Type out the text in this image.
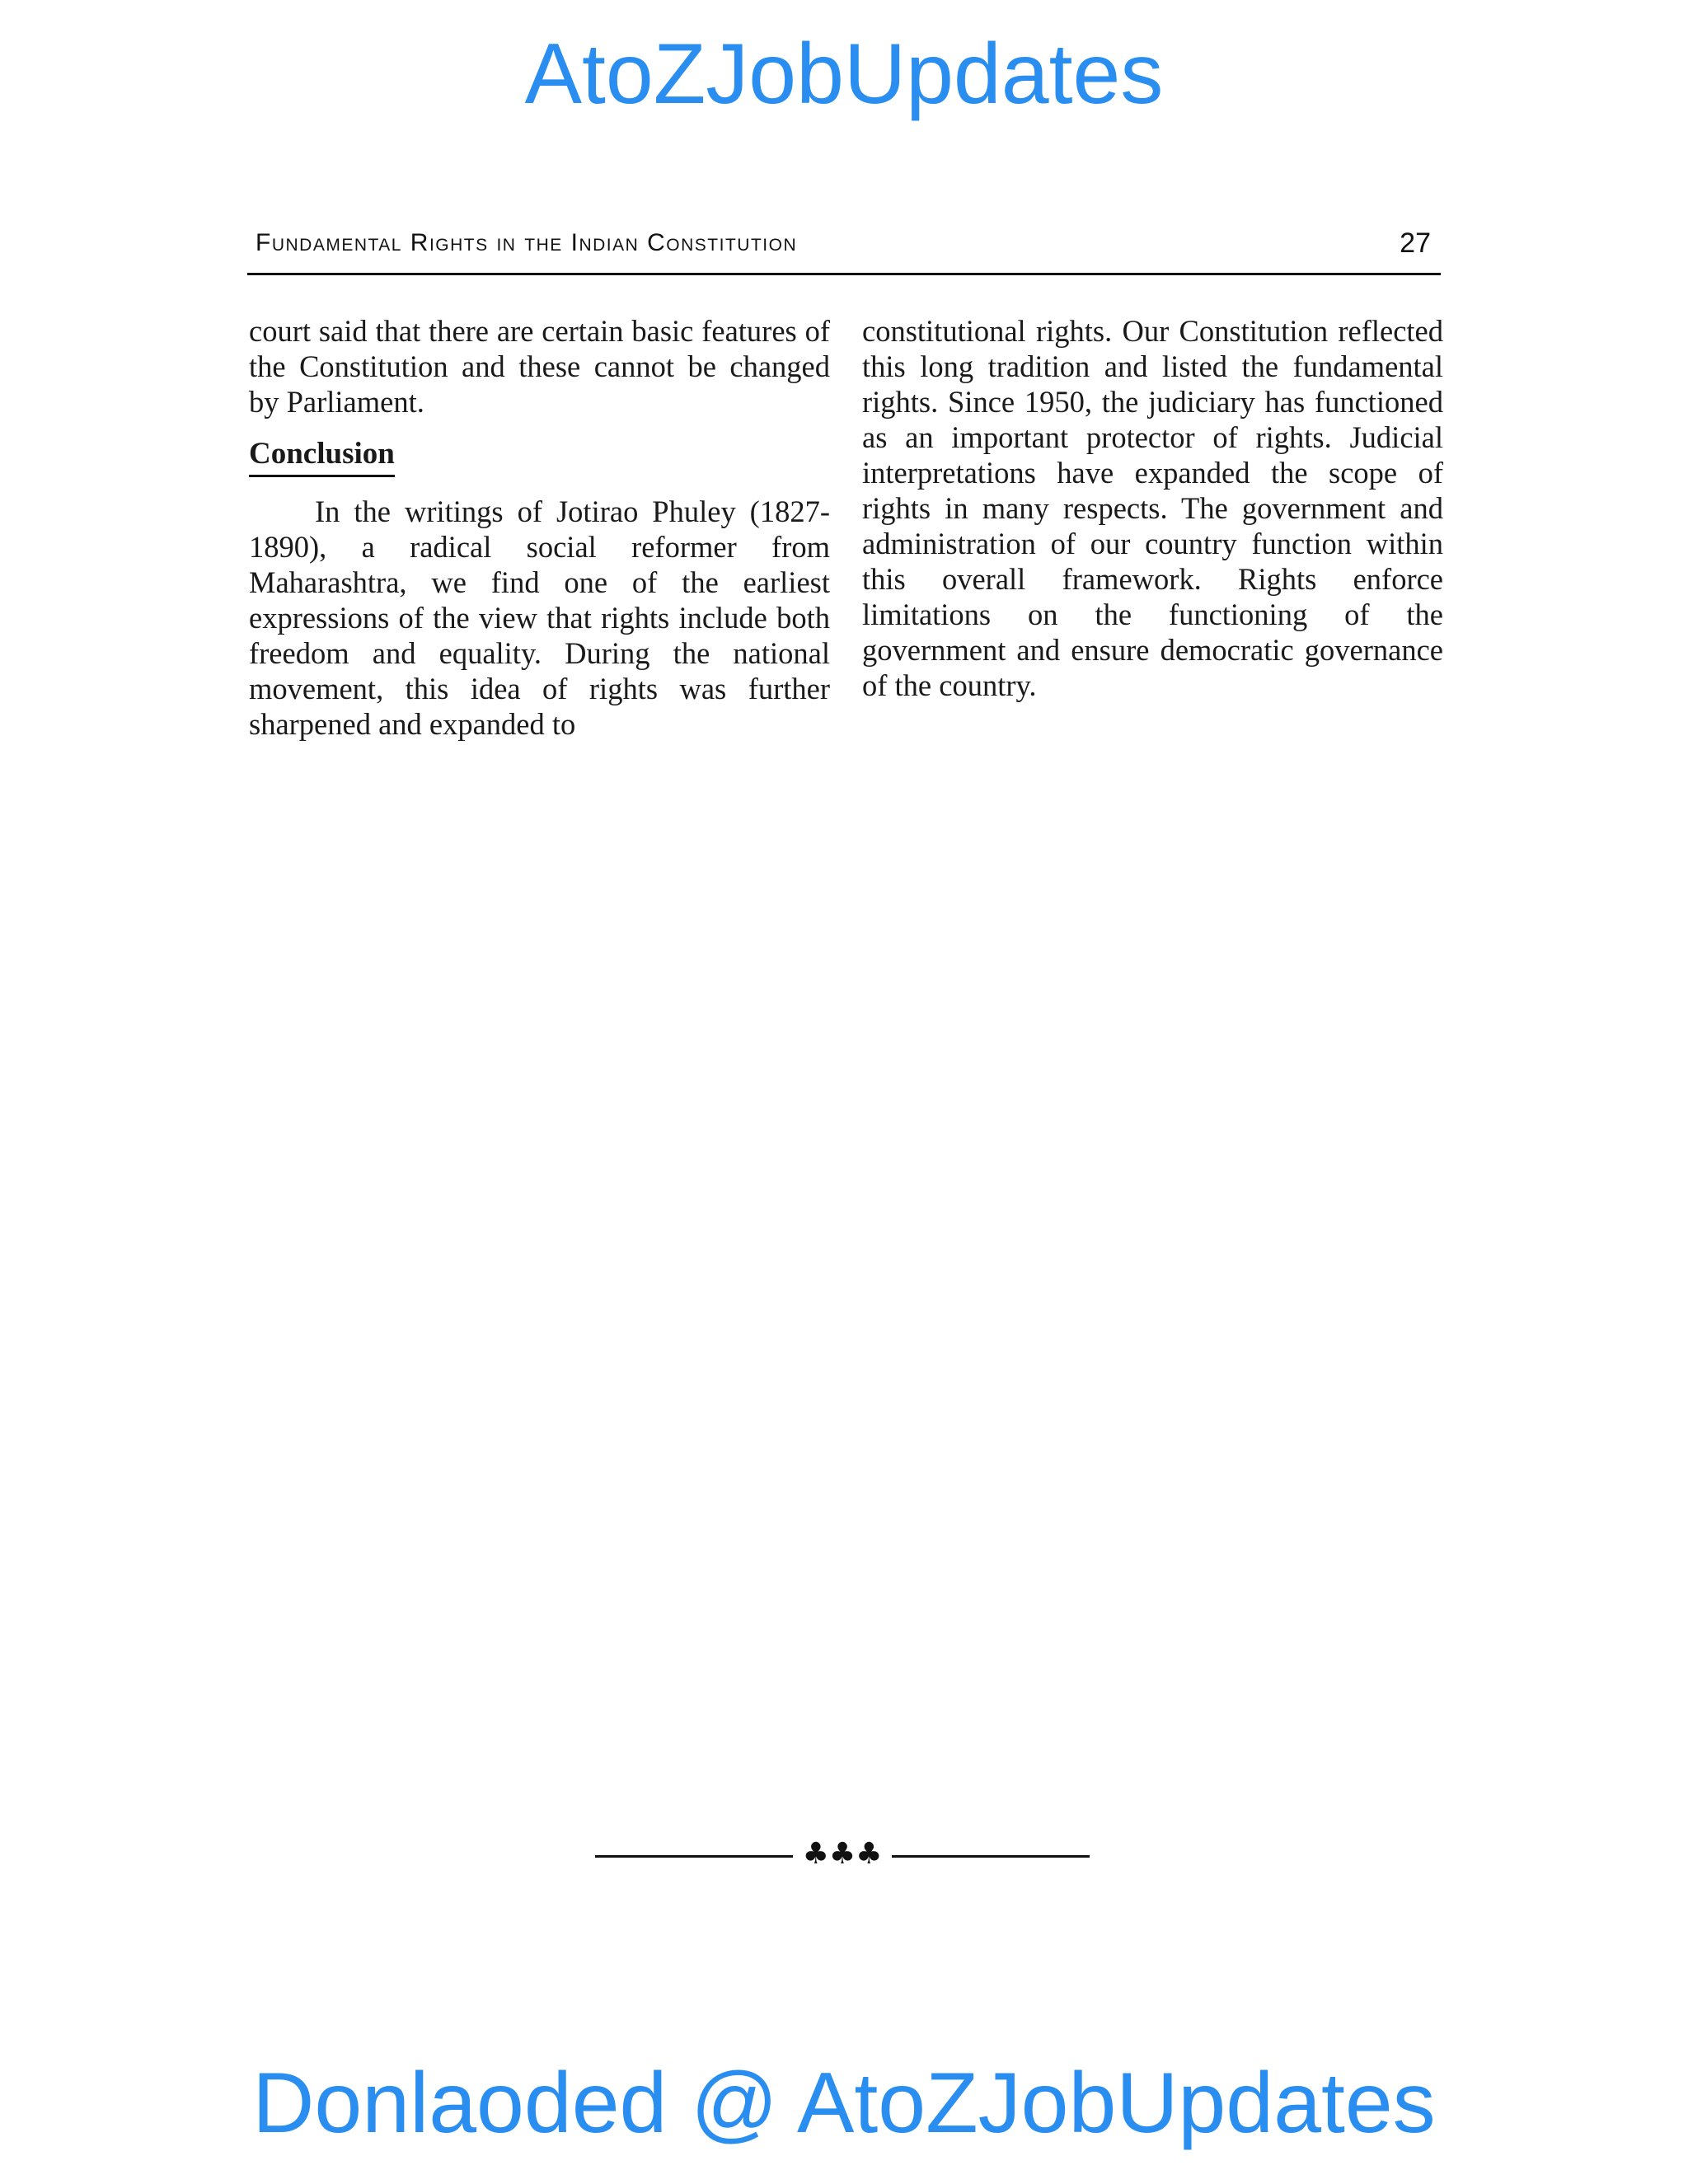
AtoZJobUpdates
Fundamental Rights in the Indian Constitution	27

court said that there are certain basic features of the Constitution and these cannot be changed by Parliament.

Conclusion

In the writings of Jotirao Phuley (1827-1890), a radical social reformer from Maharashtra, we find one of the earliest expressions of the view that rights include both freedom and equality. During the national movement, this idea of rights was further sharpened and expanded to

constitutional rights. Our Constitution reflected this long tradition and listed the fundamental rights. Since 1950, the judiciary has functioned as an important protector of rights. Judicial interpretations have expanded the scope of rights in many respects. The government and administration of our country function within this overall framework. Rights enforce limitations on the functioning of the government and ensure democratic governance of the country.

♣♣♣
Donlaoded @ AtoZJobUpdates
